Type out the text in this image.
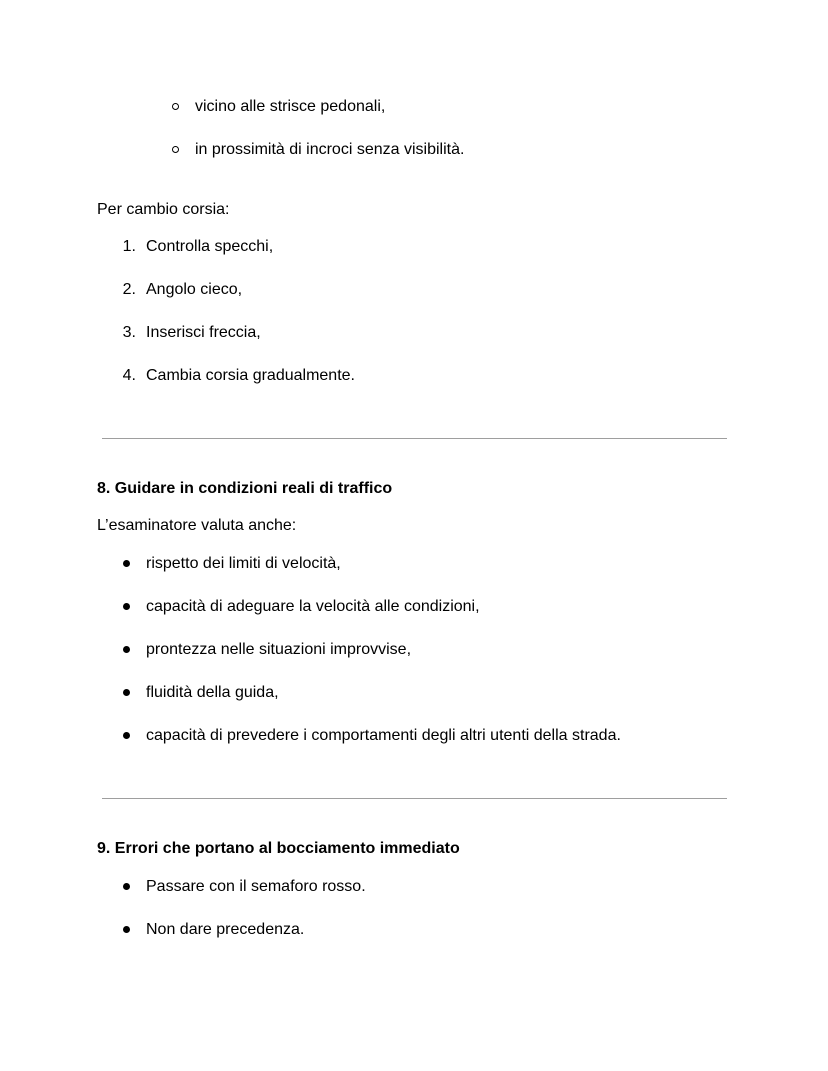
vicino alle strisce pedonali,
in prossimità di incroci senza visibilità.
Per cambio corsia:
1. Controlla specchi,
2. Angolo cieco,
3. Inserisci freccia,
4. Cambia corsia gradualmente.
8. Guidare in condizioni reali di traffico
L’esaminatore valuta anche:
rispetto dei limiti di velocità,
capacità di adeguare la velocità alle condizioni,
prontezza nelle situazioni improvvise,
fluidità della guida,
capacità di prevedere i comportamenti degli altri utenti della strada.
9. Errori che portano al bocciamento immediato
Passare con il semaforo rosso.
Non dare precedenza.
